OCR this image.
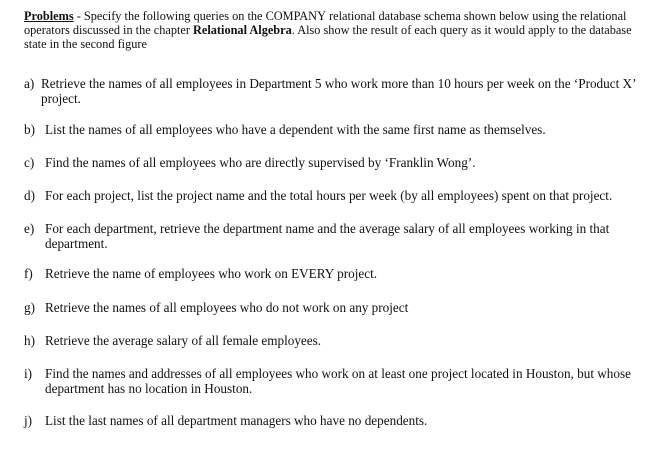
Problems - Specify the following queries on the COMPANY relational database schema shown below using the relational operators discussed in the chapter Relational Algebra. Also show the result of each query as it would apply to the database state in the second figure

a) Retrieve the names of all employees in Department 5 who work more than 10 hours per week on the ‘Product X’ project.
b) List the names of all employees who have a dependent with the same first name as themselves.
c) Find the names of all employees who are directly supervised by ‘Franklin Wong’.
d) For each project, list the project name and the total hours per week (by all employees) spent on that project.
e) For each department, retrieve the department name and the average salary of all employees working in that department.
f) Retrieve the name of employees who work on EVERY project.
g) Retrieve the names of all employees who do not work on any project
h) Retrieve the average salary of all female employees.
i) Find the names and addresses of all employees who work on at least one project located in Houston, but whose department has no location in Houston.
j) List the last names of all department managers who have no dependents.
